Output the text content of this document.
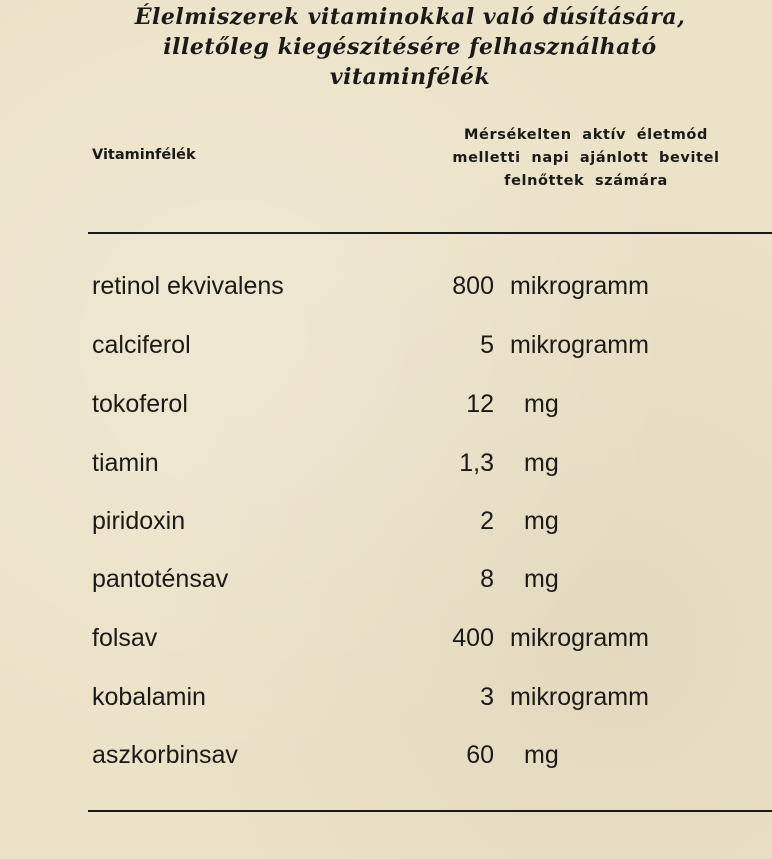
Élelmiszerek vitaminokkal való dúsítására,
illetőleg kiegészítésére felhasználható
vitaminfélék
Vitaminfélék
Mérsékelten aktív életmód
melletti napi ajánlott bevitel
felnőttek számára
retinol ekvivalens	800 mikrogramm
calciferol	5 mikrogramm
tokoferol	12 mg
tiamin	1,3 mg
piridoxin	2 mg
pantoténsav	8 mg
folsav	400 mikrogramm
kobalamin	3 mikrogramm
aszkorbinsav	60 mg
